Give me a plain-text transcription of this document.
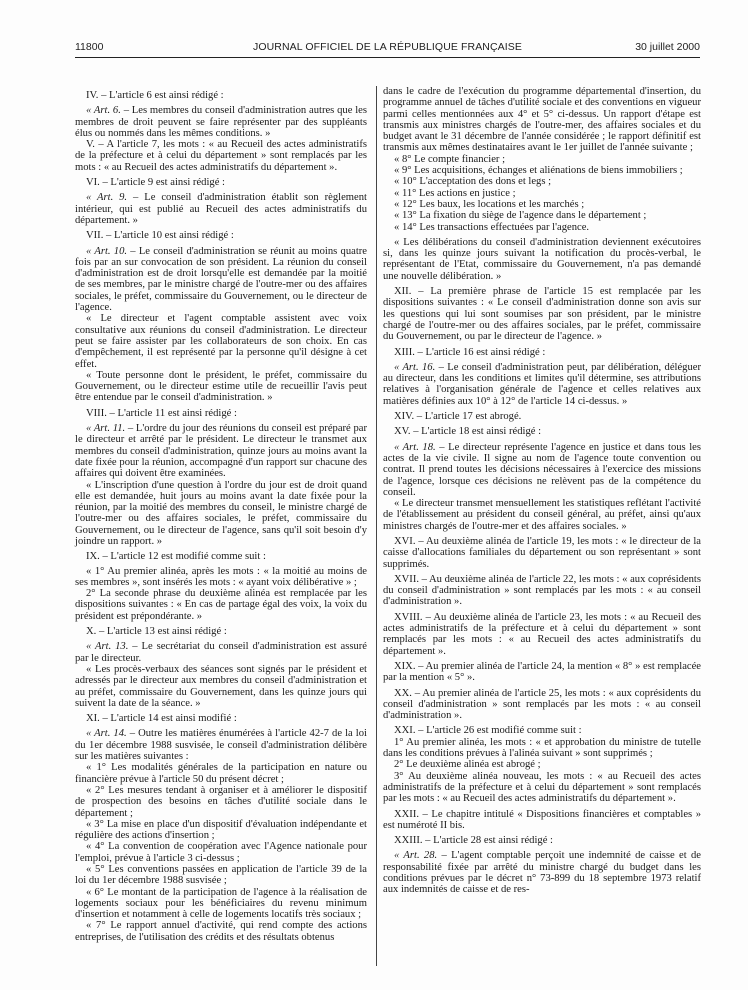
11800	JOURNAL OFFICIEL DE LA RÉPUBLIQUE FRANÇAISE	30 juillet 2000

IV. – L'article 6 est ainsi rédigé :

« Art. 6. – Les membres du conseil d'administration autres que les membres de droit peuvent se faire représenter par des suppléants élus ou nommés dans les mêmes conditions. »

V. – A l'article 7, les mots : « au Recueil des actes administratifs de la préfecture et à celui du département » sont remplacés par les mots : « au Recueil des actes administratifs du département ».

VI. – L'article 9 est ainsi rédigé :

« Art. 9. – Le conseil d'administration établit son règlement intérieur, qui est publié au Recueil des actes administratifs du département. »

VII. – L'article 10 est ainsi rédigé :

« Art. 10. – Le conseil d'administration se réunit au moins quatre fois par an sur convocation de son président. La réunion du conseil d'administration est de droit lorsqu'elle est demandée par la moitié de ses membres, par le ministre chargé de l'outre-mer ou des affaires sociales, le préfet, commissaire du Gouvernement, ou le directeur de l'agence.

« Le directeur et l'agent comptable assistent avec voix consultative aux réunions du conseil d'administration. Le directeur peut se faire assister par les collaborateurs de son choix. En cas d'empêchement, il est représenté par la personne qu'il désigne à cet effet.

« Toute personne dont le président, le préfet, commissaire du Gouvernement, ou le directeur estime utile de recueillir l'avis peut être entendue par le conseil d'administration. »

VIII. – L'article 11 est ainsi rédigé :

« Art. 11. – L'ordre du jour des réunions du conseil est préparé par le directeur et arrêté par le président. Le directeur le transmet aux membres du conseil d'administration, quinze jours au moins avant la date fixée pour la réunion, accompagné d'un rapport sur chacune des affaires qui doivent être examinées.

« L'inscription d'une question à l'ordre du jour est de droit quand elle est demandée, huit jours au moins avant la date fixée pour la réunion, par la moitié des membres du conseil, le ministre chargé de l'outre-mer ou des affaires sociales, le préfet, commissaire du Gouvernement, ou le directeur de l'agence, sans qu'il soit besoin d'y joindre un rapport. »

IX. – L'article 12 est modifié comme suit :

« 1° Au premier alinéa, après les mots : « la moitié au moins de ses membres », sont insérés les mots : « ayant voix délibérative » ;

2° La seconde phrase du deuxième alinéa est remplacée par les dispositions suivantes : « En cas de partage égal des voix, la voix du président est prépondérante. »

X. – L'article 13 est ainsi rédigé :

« Art. 13. – Le secrétariat du conseil d'administration est assuré par le directeur.

« Les procès-verbaux des séances sont signés par le président et adressés par le directeur aux membres du conseil d'administration et au préfet, commissaire du Gouvernement, dans les quinze jours qui suivent la date de la séance. »

XI. – L'article 14 est ainsi modifié :

« Art. 14. – Outre les matières énumérées à l'article 42-7 de la loi du 1er décembre 1988 susvisée, le conseil d'administration délibère sur les matières suivantes :

« 1° Les modalités générales de la participation en nature ou financière prévue à l'article 50 du présent décret ;

« 2° Les mesures tendant à organiser et à améliorer le dispositif de prospection des besoins en tâches d'utilité sociale dans le département ;

« 3° La mise en place d'un dispositif d'évaluation indépendante et régulière des actions d'insertion ;

« 4° La convention de coopération avec l'Agence nationale pour l'emploi, prévue à l'article 3 ci-dessus ;

« 5° Les conventions passées en application de l'article 39 de la loi du 1er décembre 1988 susvisée ;

« 6° Le montant de la participation de l'agence à la réalisation de logements sociaux pour les bénéficiaires du revenu minimum d'insertion et notamment à celle de logements locatifs très sociaux ;

« 7° Le rapport annuel d'activité, qui rend compte des actions entreprises, de l'utilisation des crédits et des résultats obtenus

dans le cadre de l'exécution du programme départemental d'insertion, du programme annuel de tâches d'utilité sociale et des conventions en vigueur parmi celles mentionnées aux 4° et 5° ci-dessus. Un rapport d'étape est transmis aux ministres chargés de l'outre-mer, des affaires sociales et du budget avant le 31 décembre de l'année considérée ; le rapport définitif est transmis aux mêmes destinataires avant le 1er juillet de l'année suivante ;

« 8° Le compte financier ;

« 9° Les acquisitions, échanges et aliénations de biens immobiliers ;

« 10° L'acceptation des dons et legs ;

« 11° Les actions en justice ;

« 12° Les baux, les locations et les marchés ;

« 13° La fixation du siège de l'agence dans le département ;

« 14° Les transactions effectuées par l'agence.

« Les délibérations du conseil d'administration deviennent exécutoires si, dans les quinze jours suivant la notification du procès-verbal, le représentant de l'Etat, commissaire du Gouvernement, n'a pas demandé une nouvelle délibération. »

XII. – La première phrase de l'article 15 est remplacée par les dispositions suivantes : « Le conseil d'administration donne son avis sur les questions qui lui sont soumises par son président, par le ministre chargé de l'outre-mer ou des affaires sociales, par le préfet, commissaire du Gouvernement, ou par le directeur de l'agence. »

XIII. – L'article 16 est ainsi rédigé :

« Art. 16. – Le conseil d'administration peut, par délibération, déléguer au directeur, dans les conditions et limites qu'il détermine, ses attributions relatives à l'organisation générale de l'agence et celles relatives aux matières définies aux 10° à 12° de l'article 14 ci-dessus. »

XIV. – L'article 17 est abrogé.

XV. – L'article 18 est ainsi rédigé :

« Art. 18. – Le directeur représente l'agence en justice et dans tous les actes de la vie civile. Il signe au nom de l'agence toute convention ou contrat. Il prend toutes les décisions nécessaires à l'exercice des missions de l'agence, lorsque ces décisions ne relèvent pas de la compétence du conseil.

« Le directeur transmet mensuellement les statistiques reflétant l'activité de l'établissement au président du conseil général, au préfet, ainsi qu'aux ministres chargés de l'outre-mer et des affaires sociales. »

XVI. – Au deuxième alinéa de l'article 19, les mots : « le directeur de la caisse d'allocations familiales du département ou son représentant » sont supprimés.

XVII. – Au deuxième alinéa de l'article 22, les mots : « aux coprésidents du conseil d'administration » sont remplacés par les mots : « au conseil d'administration ».

XVIII. – Au deuxième alinéa de l'article 23, les mots : « au Recueil des actes administratifs de la préfecture et à celui du département » sont remplacés par les mots : « au Recueil des actes administratifs du département ».

XIX. – Au premier alinéa de l'article 24, la mention « 8° » est remplacée par la mention « 5° ».

XX. – Au premier alinéa de l'article 25, les mots : « aux coprésidents du conseil d'administration » sont remplacés par les mots : « au conseil d'administration ».

XXI. – L'article 26 est modifié comme suit :

1° Au premier alinéa, les mots : « et approbation du ministre de tutelle dans les conditions prévues à l'alinéa suivant » sont supprimés ;

2° Le deuxième alinéa est abrogé ;

3° Au deuxième alinéa nouveau, les mots : « au Recueil des actes administratifs de la préfecture et à celui du département » sont remplacés par les mots : « au Recueil des actes administratifs du département ».

XXII. – Le chapitre intitulé « Dispositions financières et comptables » est numéroté II bis.

XXIII. – L'article 28 est ainsi rédigé :

« Art. 28. – L'agent comptable perçoit une indemnité de caisse et de responsabilité fixée par arrêté du ministre chargé du budget dans les conditions prévues par le décret n° 73-899 du 18 septembre 1973 relatif aux indemnités de caisse et de res-
